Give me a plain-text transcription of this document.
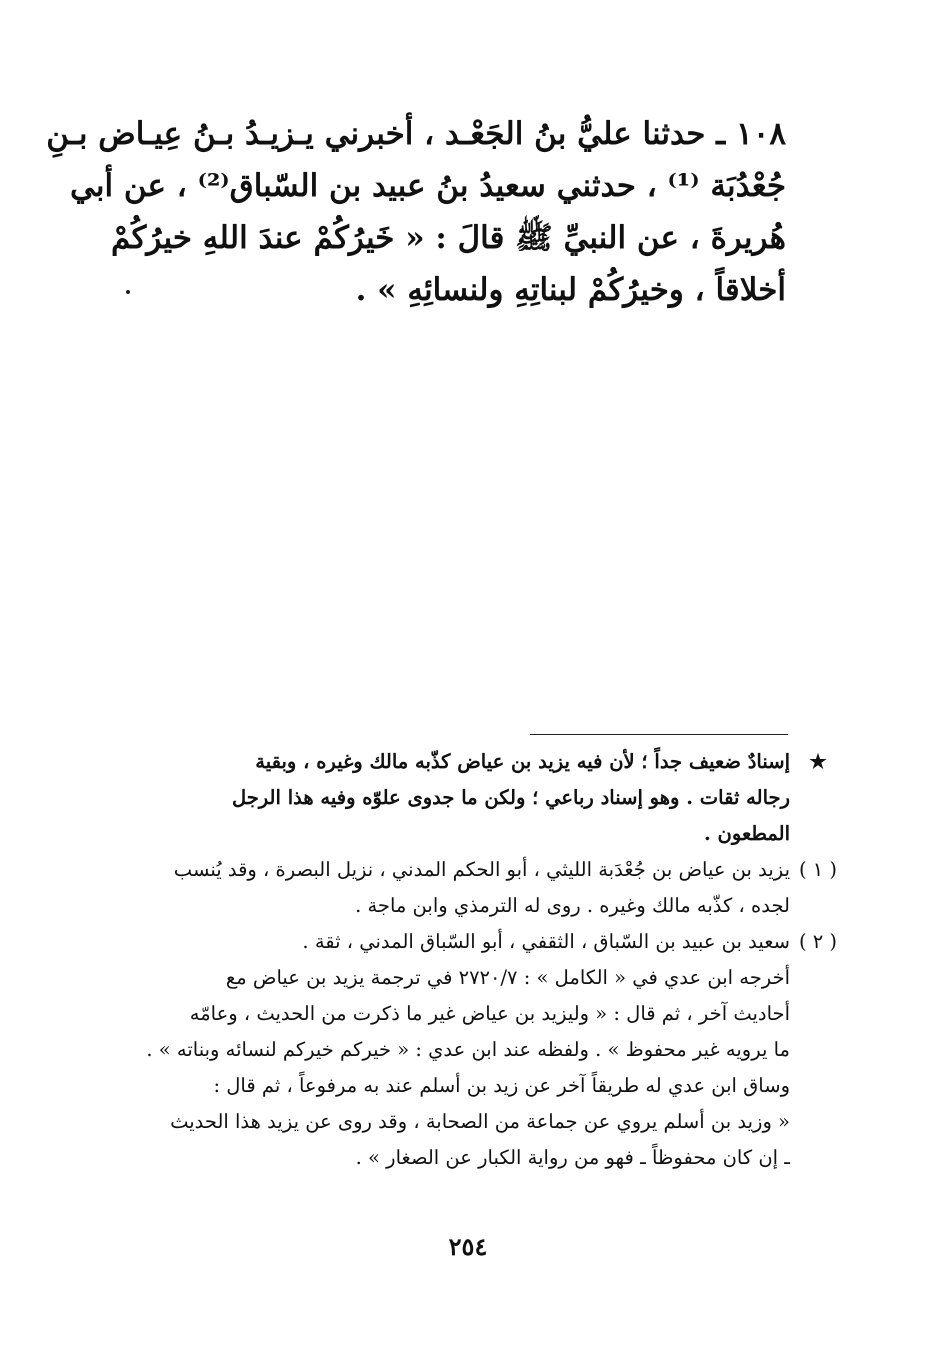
١٠٨ ـ حدثنا عليُّ بنُ الجَعْـد ، أخبرني يـزيـدُ بـنُ عِيـاض بـنِ
جُعْدُبَة ⁽¹⁾ ، حدثني سعيدُ بنُ عبيد بن السّباق⁽²⁾ ، عن أبي
هُريرةَ ، عن النبيِّ ﷺ قالَ : « خَيرُكُمْ عندَ اللهِ خيرُكُمْ
أخلاقاً ، وخيرُكُمْ لبناتِهِ ولنسائِهِ » .
★
إسنادٌ ضعيف جداً ؛ لأن فيه يزيد بن عياض كذّبه مالك وغيره ، وبقية
رجاله ثقات . وهو إسناد رباعي ؛ ولكن ما جدوى علوّه وفيه هذا الرجل
المطعون .
( ١ )
يزيد بن عياض بن جُعْدَبة الليثي ، أبو الحكم المدني ، نزيل البصرة ، وقد يُنسب
لجده ، كذّبه مالك وغيره . روى له الترمذي وابن ماجة .
( ٢ )
سعيد بن عبيد بن السّباق ، الثقفي ، أبو السّباق المدني ، ثقة .
أخرجه ابن عدي في « الكامل » : ٢٧٢٠/٧ في ترجمة يزيد بن عياض مع
أحاديث آخر ، ثم قال : « وليزيد بن عياض غير ما ذكرت من الحديث ، وعامّه
ما يرويه غير محفوظ » . ولفظه عند ابن عدي : « خيركم خيركم لنسائه وبناته » .
وساق ابن عدي له طريقاً آخر عن زيد بن أسلم عند به مرفوعاً ، ثم قال :
« وزيد بن أسلم يروي عن جماعة من الصحابة ، وقد روى عن يزيد هذا الحديث
ـ إن كان محفوظاً ـ فهو من رواية الكبار عن الصغار » .
٢٥٤
